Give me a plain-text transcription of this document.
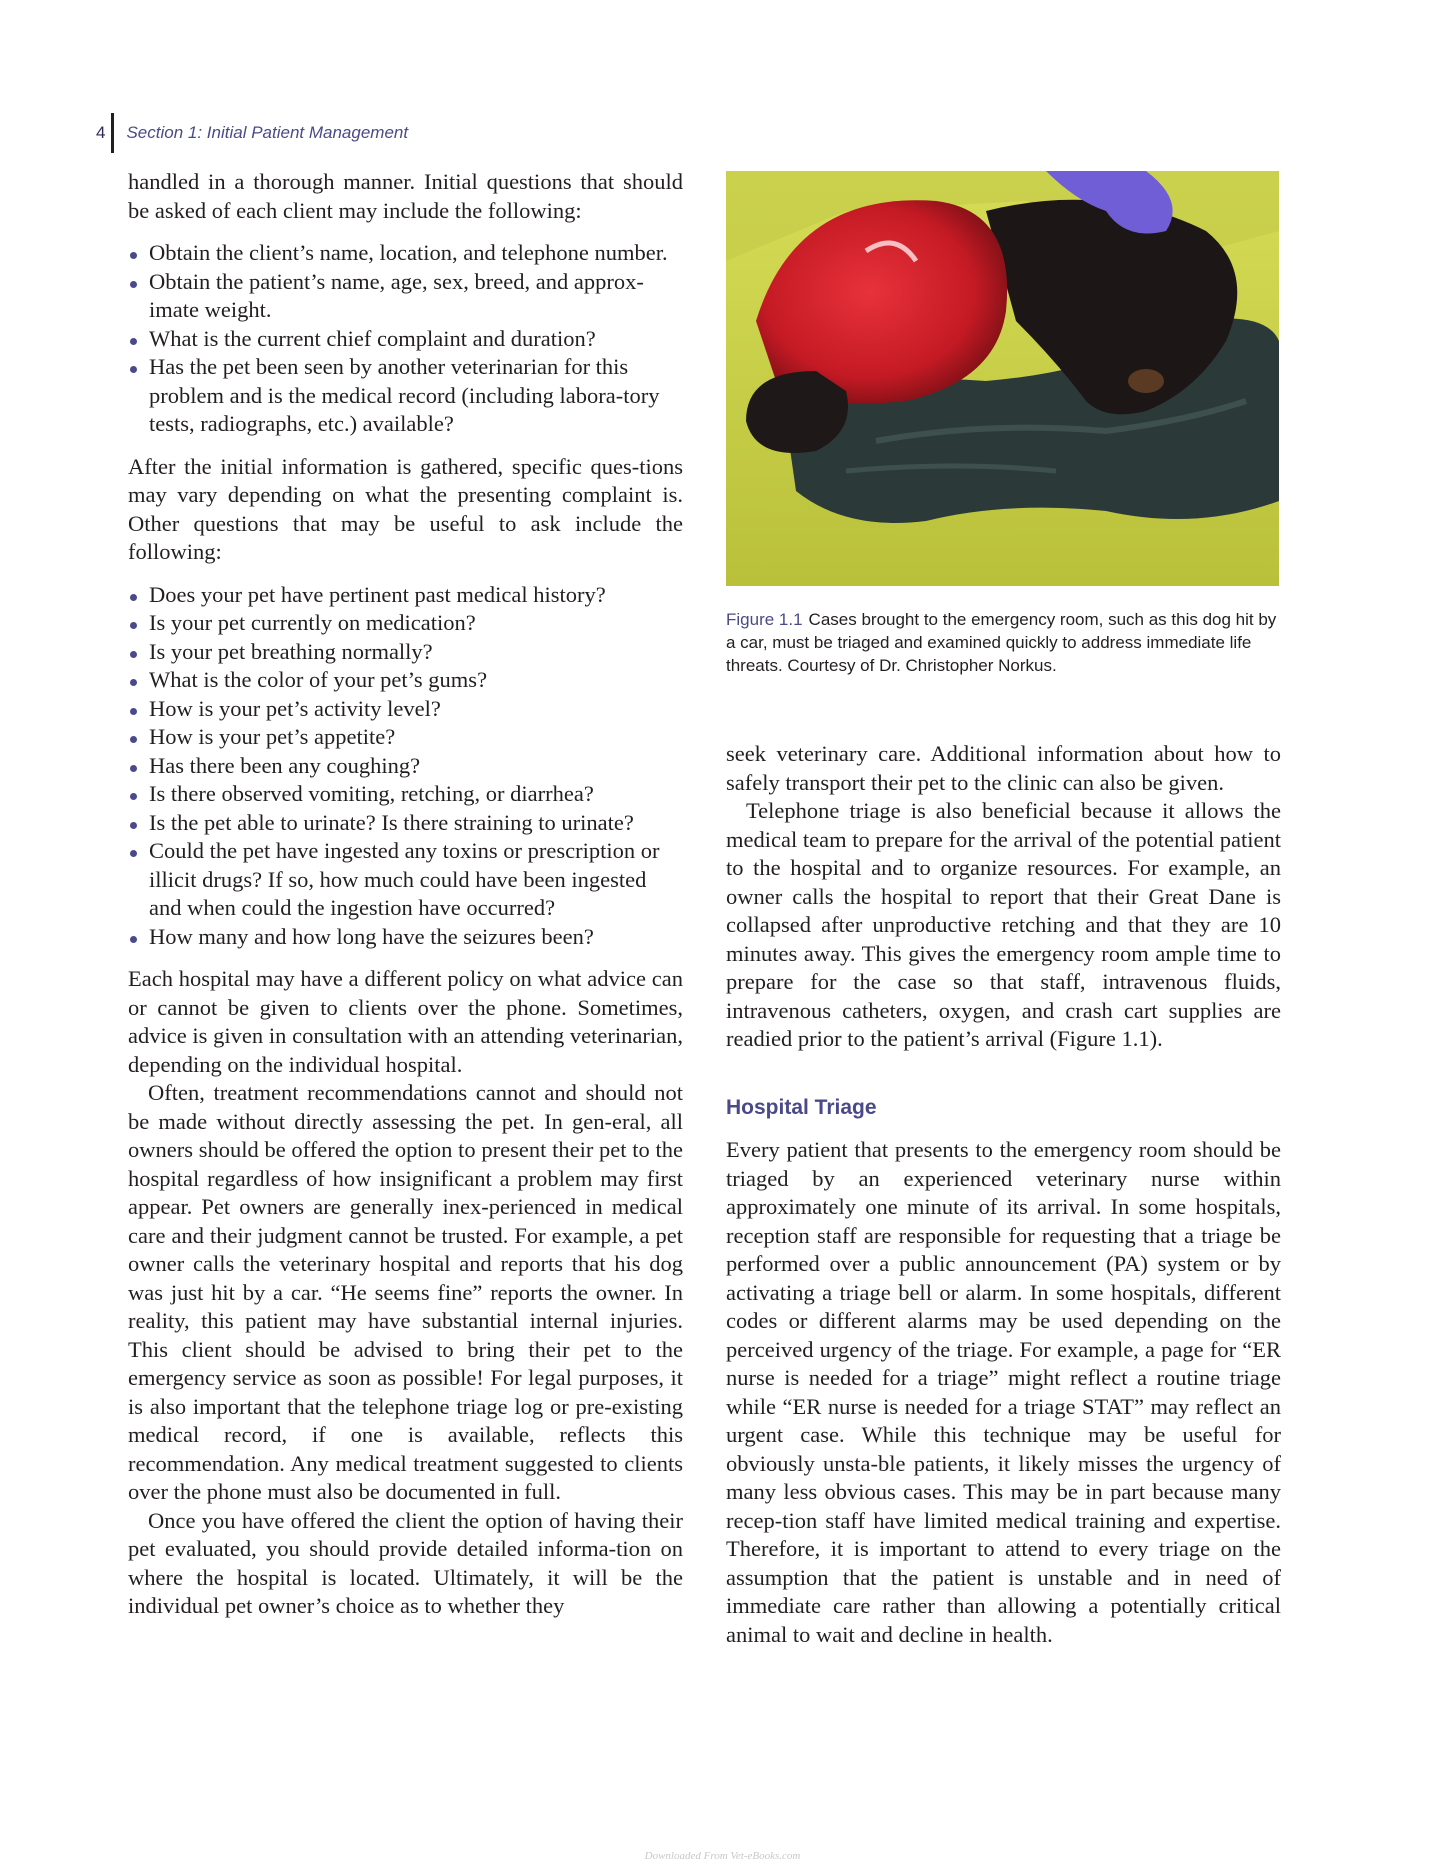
4 Section 1: Initial Patient Management

handled in a thorough manner. Initial questions that should be asked of each client may include the following:

Obtain the client’s name, location, and telephone number.
Obtain the patient’s name, age, sex, breed, and approx-imate weight.
What is the current chief complaint and duration?
Has the pet been seen by another veterinarian for this problem and is the medical record (including labora-tory tests, radiographs, etc.) available?

After the initial information is gathered, specific ques-tions may vary depending on what the presenting complaint is. Other questions that may be useful to ask include the following:

Does your pet have pertinent past medical history?
Is your pet currently on medication?
Is your pet breathing normally?
What is the color of your pet’s gums?
How is your pet’s activity level?
How is your pet’s appetite?
Has there been any coughing?
Is there observed vomiting, retching, or diarrhea?
Is the pet able to urinate? Is there straining to urinate?
Could the pet have ingested any toxins or prescription or illicit drugs? If so, how much could have been ingested and when could the ingestion have occurred?
How many and how long have the seizures been?

Each hospital may have a different policy on what advice can or cannot be given to clients over the phone. Sometimes, advice is given in consultation with an attending veterinarian, depending on the individual hospital.

Often, treatment recommendations cannot and should not be made without directly assessing the pet. In gen-eral, all owners should be offered the option to present their pet to the hospital regardless of how insignificant a problem may first appear. Pet owners are generally inex-perienced in medical care and their judgment cannot be trusted. For example, a pet owner calls the veterinary hospital and reports that his dog was just hit by a car. “He seems fine” reports the owner. In reality, this patient may have substantial internal injuries. This client should be advised to bring their pet to the emergency service as soon as possible! For legal purposes, it is also important that the telephone triage log or pre-existing medical record, if one is available, reflects this recommendation. Any medical treatment suggested to clients over the phone must also be documented in full.

Once you have offered the client the option of having their pet evaluated, you should provide detailed informa-tion on where the hospital is located. Ultimately, it will be the individual pet owner’s choice as to whether they

Figure 1.1 Cases brought to the emergency room, such as this dog hit by a car, must be triaged and examined quickly to address immediate life threats. Courtesy of Dr. Christopher Norkus.

seek veterinary care. Additional information about how to safely transport their pet to the clinic can also be given.

Telephone triage is also beneficial because it allows the medical team to prepare for the arrival of the potential patient to the hospital and to organize resources. For example, an owner calls the hospital to report that their Great Dane is collapsed after unproductive retching and that they are 10 minutes away. This gives the emergency room ample time to prepare for the case so that staff, intravenous fluids, intravenous catheters, oxygen, and crash cart supplies are readied prior to the patient’s arrival (Figure 1.1).

Hospital Triage

Every patient that presents to the emergency room should be triaged by an experienced veterinary nurse within approximately one minute of its arrival. In some hospitals, reception staff are responsible for requesting that a triage be performed over a public announcement (PA) system or by activating a triage bell or alarm. In some hospitals, different codes or different alarms may be used depending on the perceived urgency of the triage. For example, a page for “ER nurse is needed for a triage” might reflect a routine triage while “ER nurse is needed for a triage STAT” may reflect an urgent case. While this technique may be useful for obviously unsta-ble patients, it likely misses the urgency of many less obvious cases. This may be in part because many recep-tion staff have limited medical training and expertise. Therefore, it is important to attend to every triage on the assumption that the patient is unstable and in need of immediate care rather than allowing a potentially critical animal to wait and decline in health.

Downloaded From Vet-eBooks.com
